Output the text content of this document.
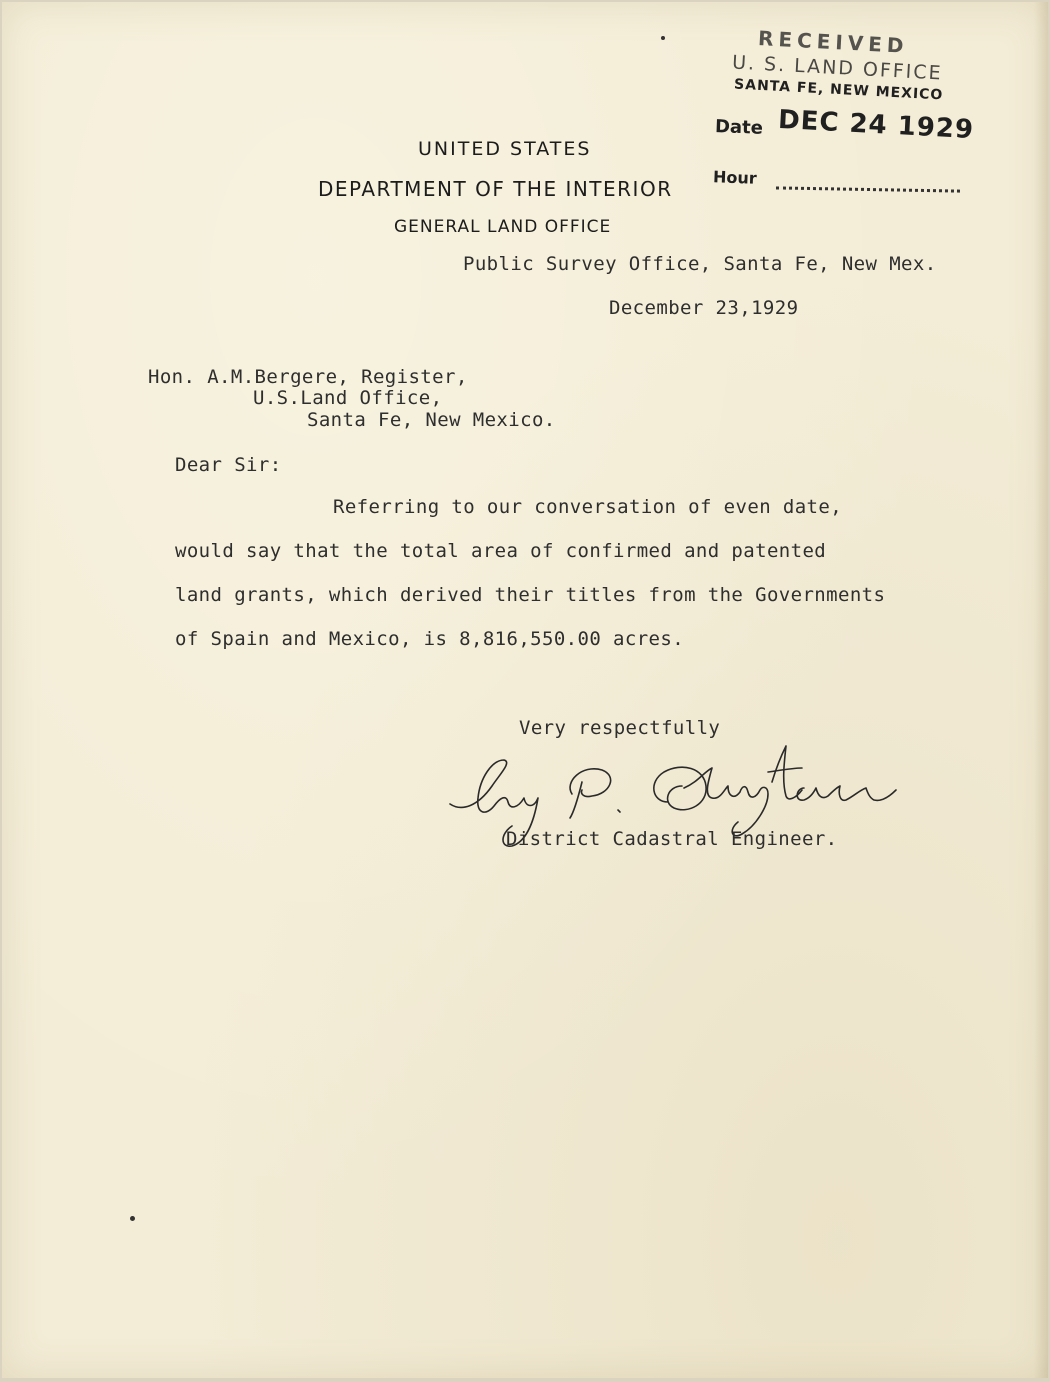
UNITED STATES
DEPARTMENT OF THE INTERIOR
GENERAL LAND OFFICE
RECEIVED
U. S. LAND OFFICE
SANTA FE, NEW MEXICO
Date DEC 24 1929
Hour
Public Survey Office, Santa Fe, New Mex.
December 23,1929
Hon. A.M.Bergere, Register,
U.S.Land Office,
Santa Fe, New Mexico.
Dear Sir:
Referring to our conversation of even date,
would say that the total area of confirmed and patented
land grants, which derived their titles from the Governments
of Spain and Mexico, is 8,816,550.00 acres.
Very respectfully
District Cadastral Engineer.
